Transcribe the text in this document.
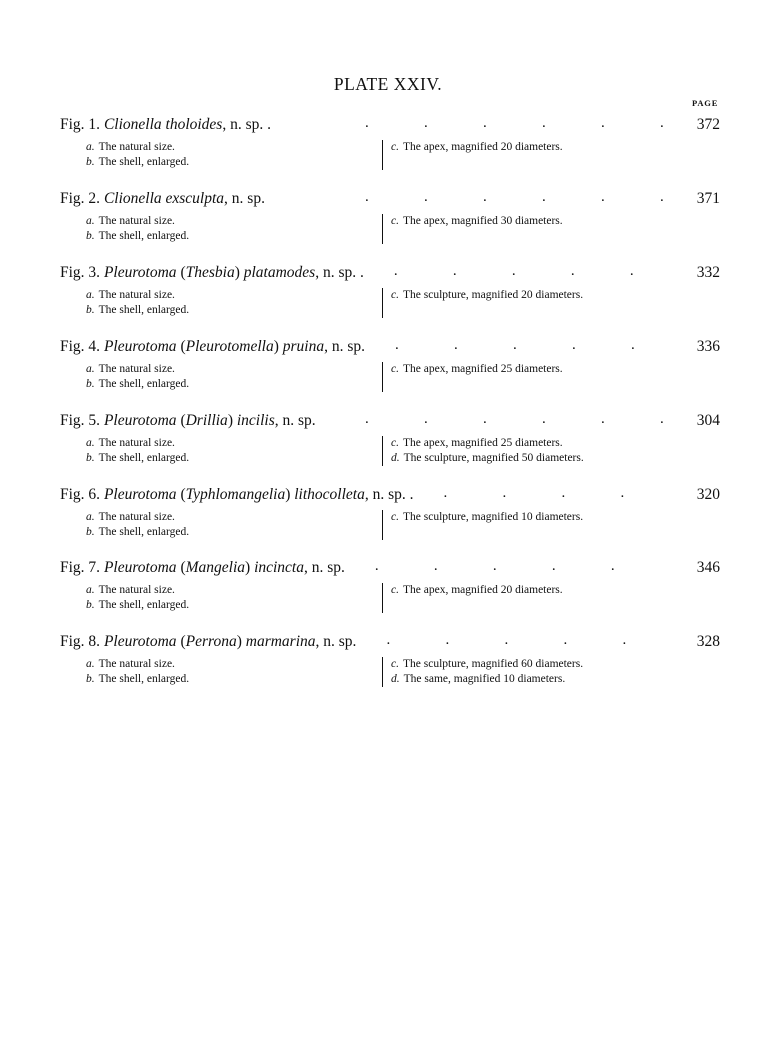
PLATE XXIV.
PAGE
Fig. 1. Clionella tholoides, n. sp. .	.	.	.	.	.	. 372
a. The natural size.
b. The shell, enlarged.
c. The apex, magnified 20 diameters.
Fig. 2. Clionella exsculpta, n. sp.	.	.	.	.	.	. 371
a. The natural size.
b. The shell, enlarged.
c. The apex, magnified 30 diameters.
Fig. 3. Pleurotoma (Thesbia) platamodes, n. sp. . .	.	.	.	.	332
a. The natural size.
b. The shell, enlarged.
c. The sculpture, magnified 20 diameters.
Fig. 4. Pleurotoma (Pleurotomella) pruina, n. sp. .	.	.	.	.	336
a. The natural size.
b. The shell, enlarged.
c. The apex, magnified 25 diameters.
Fig. 5. Pleurotoma (Drillia) incilis, n. sp.	.	.	.	.	.	. 304
a. The natural size.
b. The shell, enlarged.
c. The apex, magnified 25 diameters.
d. The sculpture, magnified 50 diameters.
Fig. 6. Pleurotoma (Typhlomangelia) lithocolleta, n. sp. . .	.	.	.	320
a. The natural size.
b. The shell, enlarged.
c. The sculpture, magnified 10 diameters.
Fig. 7. Pleurotoma (Mangelia) incincta, n. sp. .	.	.	.	.	346
a. The natural size.
b. The shell, enlarged.
c. The apex, magnified 20 diameters.
Fig. 8. Pleurotoma (Perrona) marmarina, n. sp. .	.	.	.	.	328
a. The natural size.
b. The shell, enlarged.
c. The sculpture, magnified 60 diameters.
d. The same, magnified 10 diameters.
